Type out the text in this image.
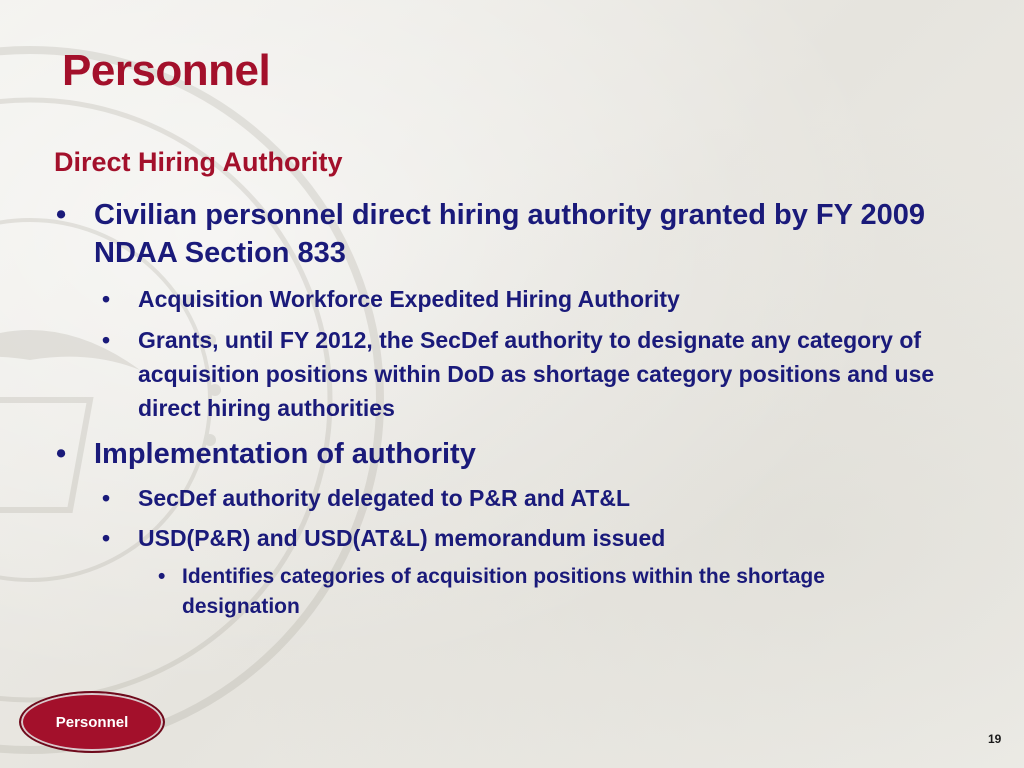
Personnel
Direct Hiring Authority
• Civilian personnel direct hiring authority granted by FY 2009 NDAA Section 833
• Acquisition Workforce Expedited Hiring Authority
• Grants, until FY 2012, the SecDef authority to designate any category of acquisition positions within DoD as shortage category positions and use direct hiring authorities
• Implementation of authority
• SecDef authority delegated to P&R and AT&L
• USD(P&R) and USD(AT&L) memorandum issued
• Identifies categories of acquisition positions within the shortage designation
Personnel
19
